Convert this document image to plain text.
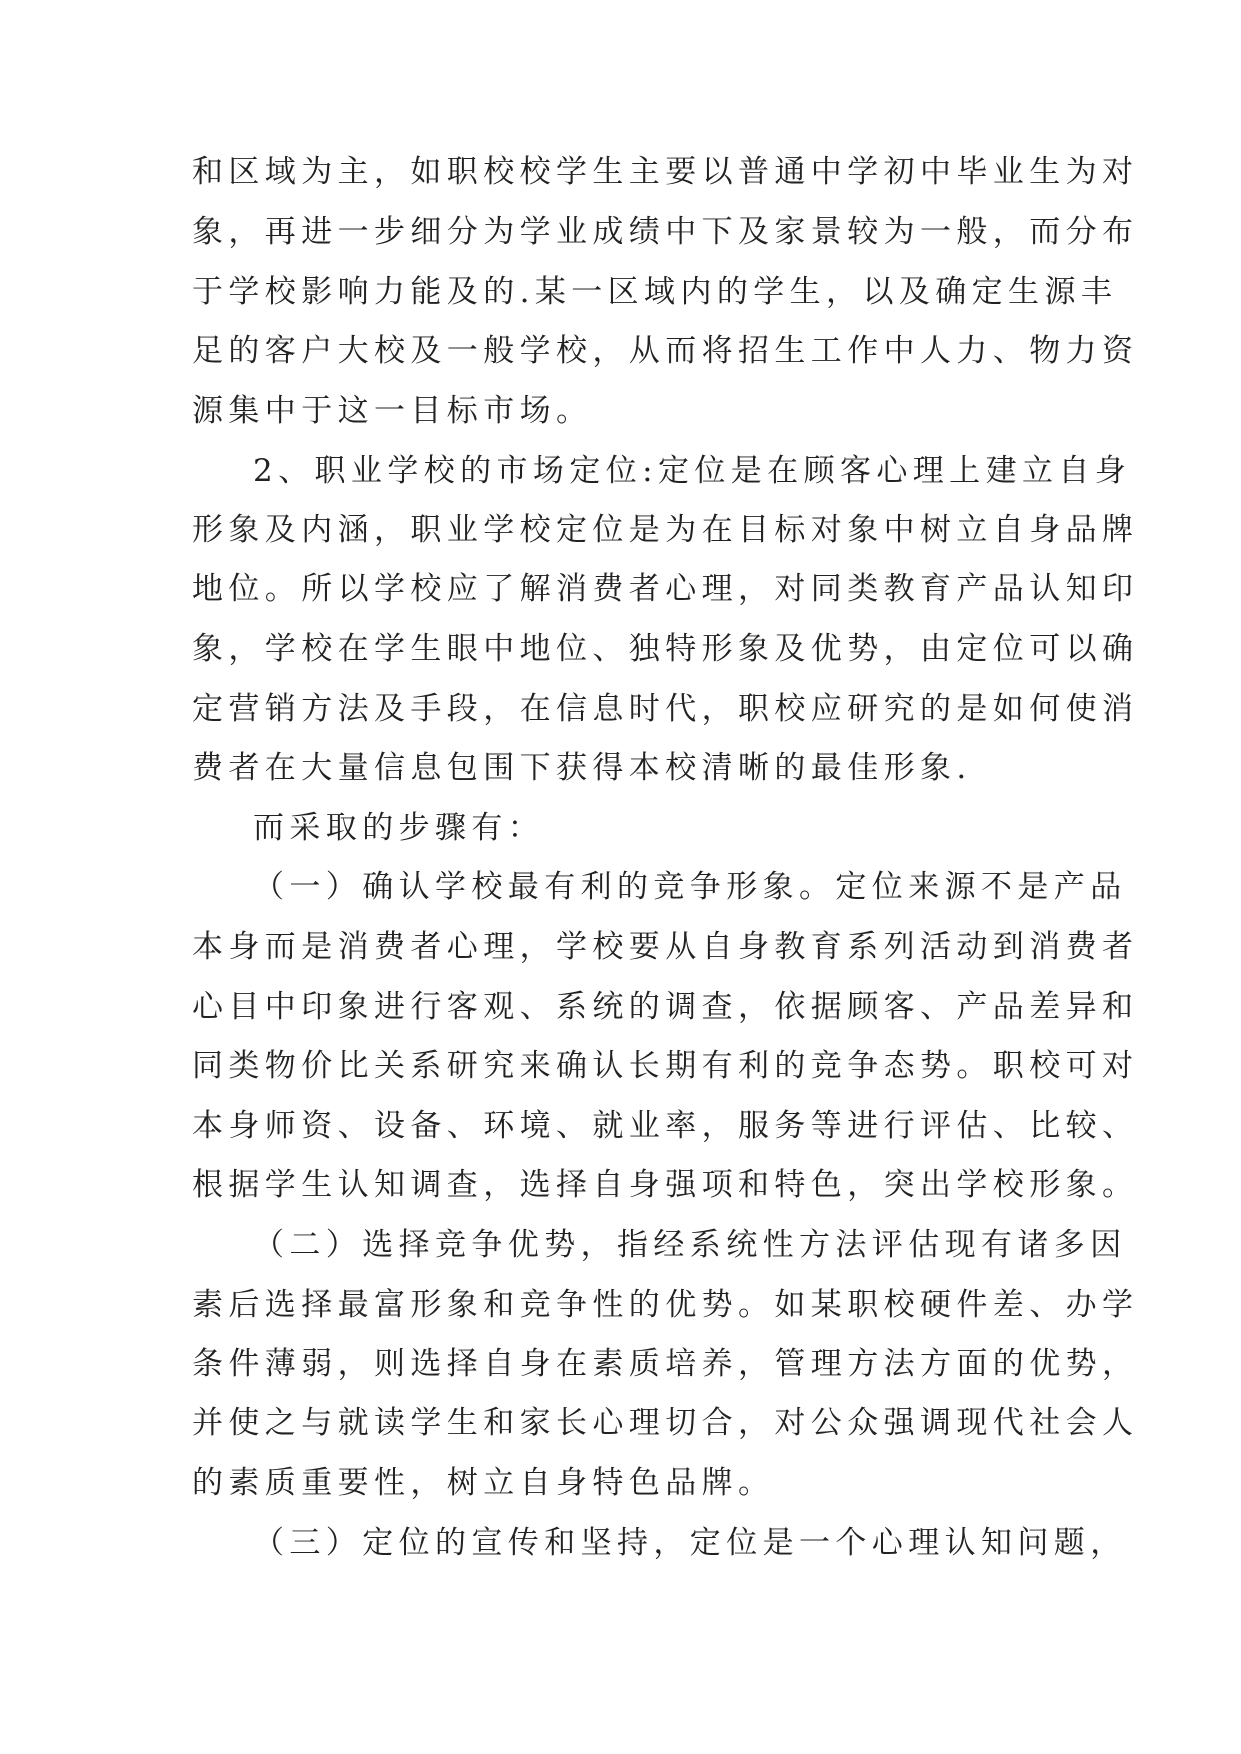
和区域为主，如职校校学生主要以普通中学初中毕业生为对
象，再进一步细分为学业成绩中下及家景较为一般，而分布
于学校影响力能及的.某一区域内的学生，以及确定生源丰
足的客户大校及一般学校，从而将招生工作中人力、物力资
源集中于这一目标市场。
2、职业学校的市场定位:定位是在顾客心理上建立自身
形象及内涵，职业学校定位是为在目标对象中树立自身品牌
地位。所以学校应了解消费者心理，对同类教育产品认知印
象，学校在学生眼中地位、独特形象及优势，由定位可以确
定营销方法及手段，在信息时代，职校应研究的是如何使消
费者在大量信息包围下获得本校清晰的最佳形象.
而采取的步骤有：
（一）确认学校最有利的竞争形象。定位来源不是产品
本身而是消费者心理，学校要从自身教育系列活动到消费者
心目中印象进行客观、系统的调查，依据顾客、产品差异和
同类物价比关系研究来确认长期有利的竞争态势。职校可对
本身师资、设备、环境、就业率，服务等进行评估、比较、
根据学生认知调查，选择自身强项和特色，突出学校形象。
（二）选择竞争优势，指经系统性方法评估现有诸多因
素后选择最富形象和竞争性的优势。如某职校硬件差、办学
条件薄弱，则选择自身在素质培养，管理方法方面的优势，
并使之与就读学生和家长心理切合，对公众强调现代社会人
的素质重要性，树立自身特色品牌。
（三）定位的宣传和坚持，定位是一个心理认知问题，
